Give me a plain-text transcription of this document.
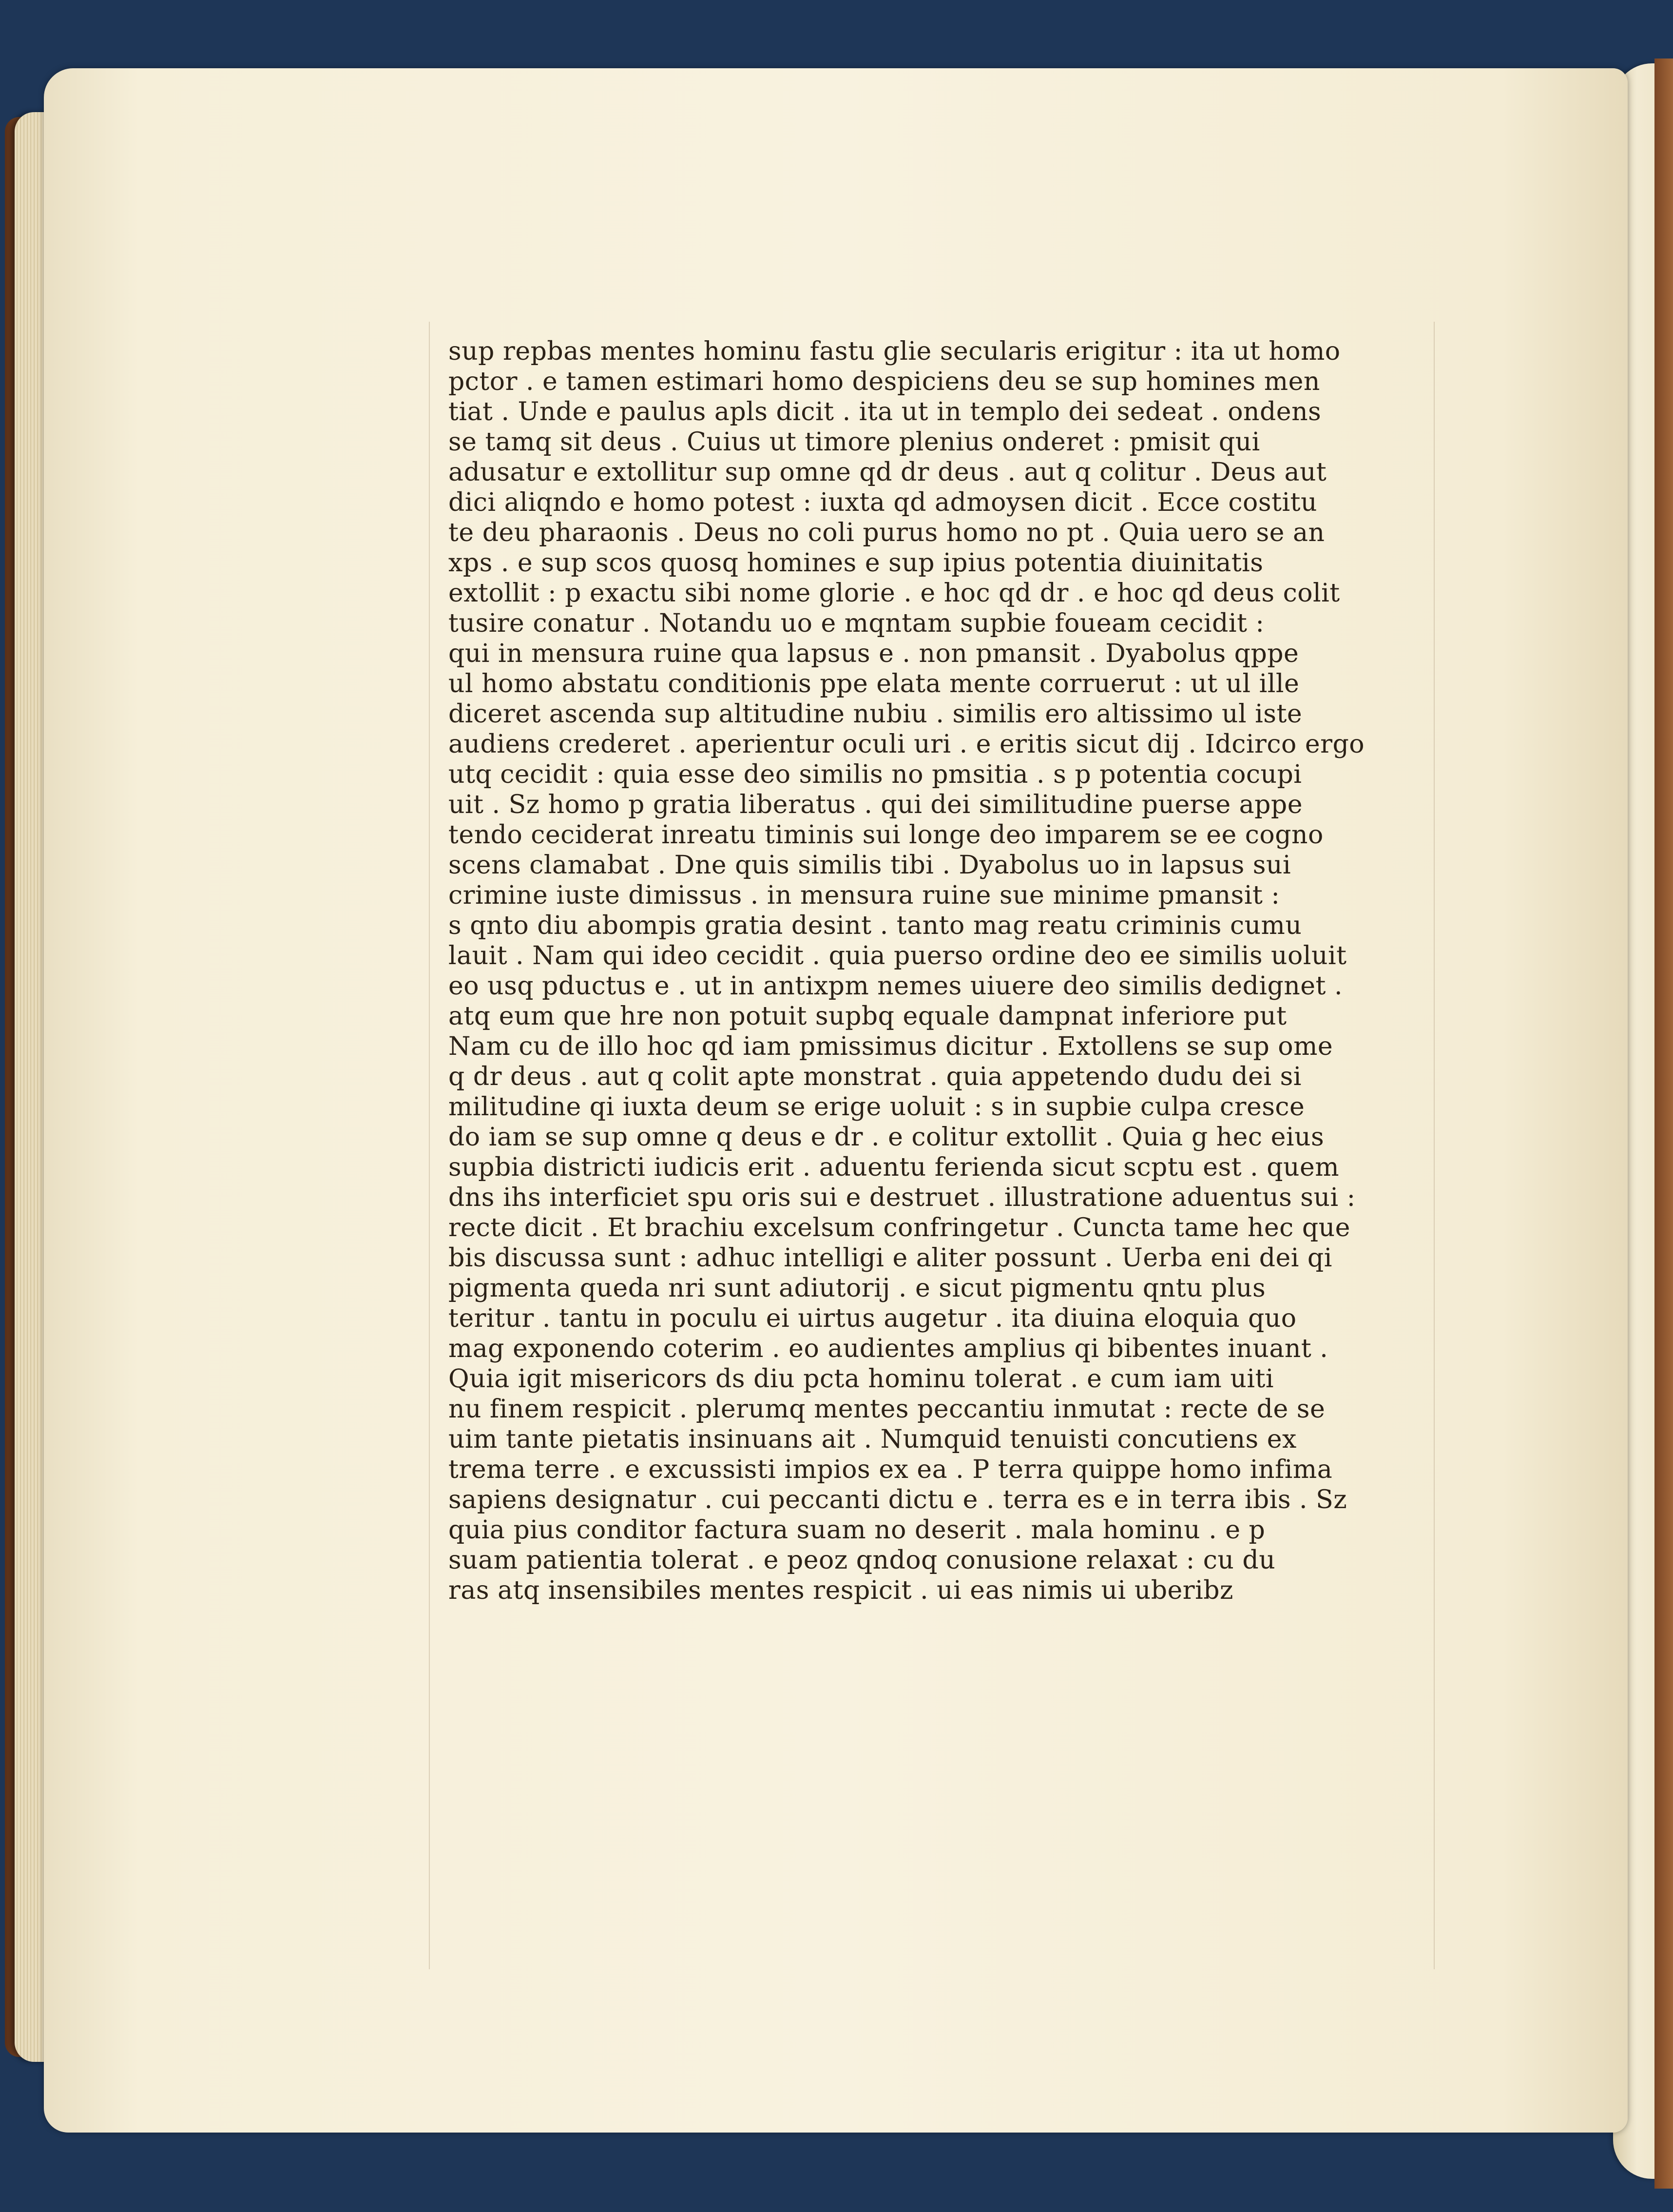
sup repbas mentes hominu fastu glie secularis erigitur : ita ut homo
pctor . e tamen estimari homo despiciens deu se sup homines men
tiat . Unde e paulus apls dicit . ita ut in templo dei sedeat . ondens
se tamq sit deus . Cuius ut timore plenius onderet : pmisit qui
adusatur e extollitur sup omne qd dr deus . aut q colitur . Deus aut
dici aliqndo e homo potest : iuxta qd admoysen dicit . Ecce costitu
te deu pharaonis . Deus no coli purus homo no pt . Quia uero se an
xps . e sup scos quosq homines e sup ipius potentia diuinitatis
extollit : p exactu sibi nome glorie . e hoc qd dr . e hoc qd deus colit
tusire conatur . Notandu uo e mqntam supbie foueam cecidit :
qui in mensura ruine qua lapsus e . non pmansit . Dyabolus qppe
ul homo abstatu conditionis ppe elata mente corruerut : ut ul ille
diceret ascenda sup altitudine nubiu . similis ero altissimo ul iste
audiens crederet . aperientur oculi uri . e eritis sicut dij . Idcirco ergo
utq cecidit : quia esse deo similis no pmsitia . s p potentia cocupi
uit . Sz homo p gratia liberatus . qui dei similitudine puerse appe
tendo ceciderat inreatu timinis sui longe deo imparem se ee cogno
scens clamabat . Dne quis similis tibi . Dyabolus uo in lapsus sui
crimine iuste dimissus . in mensura ruine sue minime pmansit :
s qnto diu abompis gratia desint . tanto mag reatu criminis cumu
lauit . Nam qui ideo cecidit . quia puerso ordine deo ee similis uoluit
eo usq pductus e . ut in antixpm nemes uiuere deo similis dedignet .
atq eum que hre non potuit supbq equale dampnat inferiore put
Nam cu de illo hoc qd iam pmissimus dicitur . Extollens se sup ome
q dr deus . aut q colit apte monstrat . quia appetendo dudu dei si
militudine qi iuxta deum se erige uoluit : s in supbie culpa cresce
do iam se sup omne q deus e dr . e colitur extollit . Quia g hec eius
supbia districti iudicis erit . aduentu ferienda sicut scptu est . quem
dns ihs interficiet spu oris sui e destruet . illustratione aduentus sui :
recte dicit . Et brachiu excelsum confringetur . Cuncta tame hec que
bis discussa sunt : adhuc intelligi e aliter possunt . Uerba eni dei qi
pigmenta queda nri sunt adiutorij . e sicut pigmentu qntu plus
teritur . tantu in poculu ei uirtus augetur . ita diuina eloquia quo
mag exponendo coterim . eo audientes amplius qi bibentes inuant .
Quia igit misericors ds diu pcta hominu tolerat . e cum iam uiti
nu finem respicit . plerumq mentes peccantiu inmutat : recte de se
uim tante pietatis insinuans ait . Numquid tenuisti concutiens ex
trema terre . e excussisti impios ex ea . P terra quippe homo infima
sapiens designatur . cui peccanti dictu e . terra es e in terra ibis . Sz
quia pius conditor factura suam no deserit . mala hominu . e p
suam patientia tolerat . e peoz qndoq conusione relaxat : cu du
ras atq insensibiles mentes respicit . ui eas nimis ui uberibz
